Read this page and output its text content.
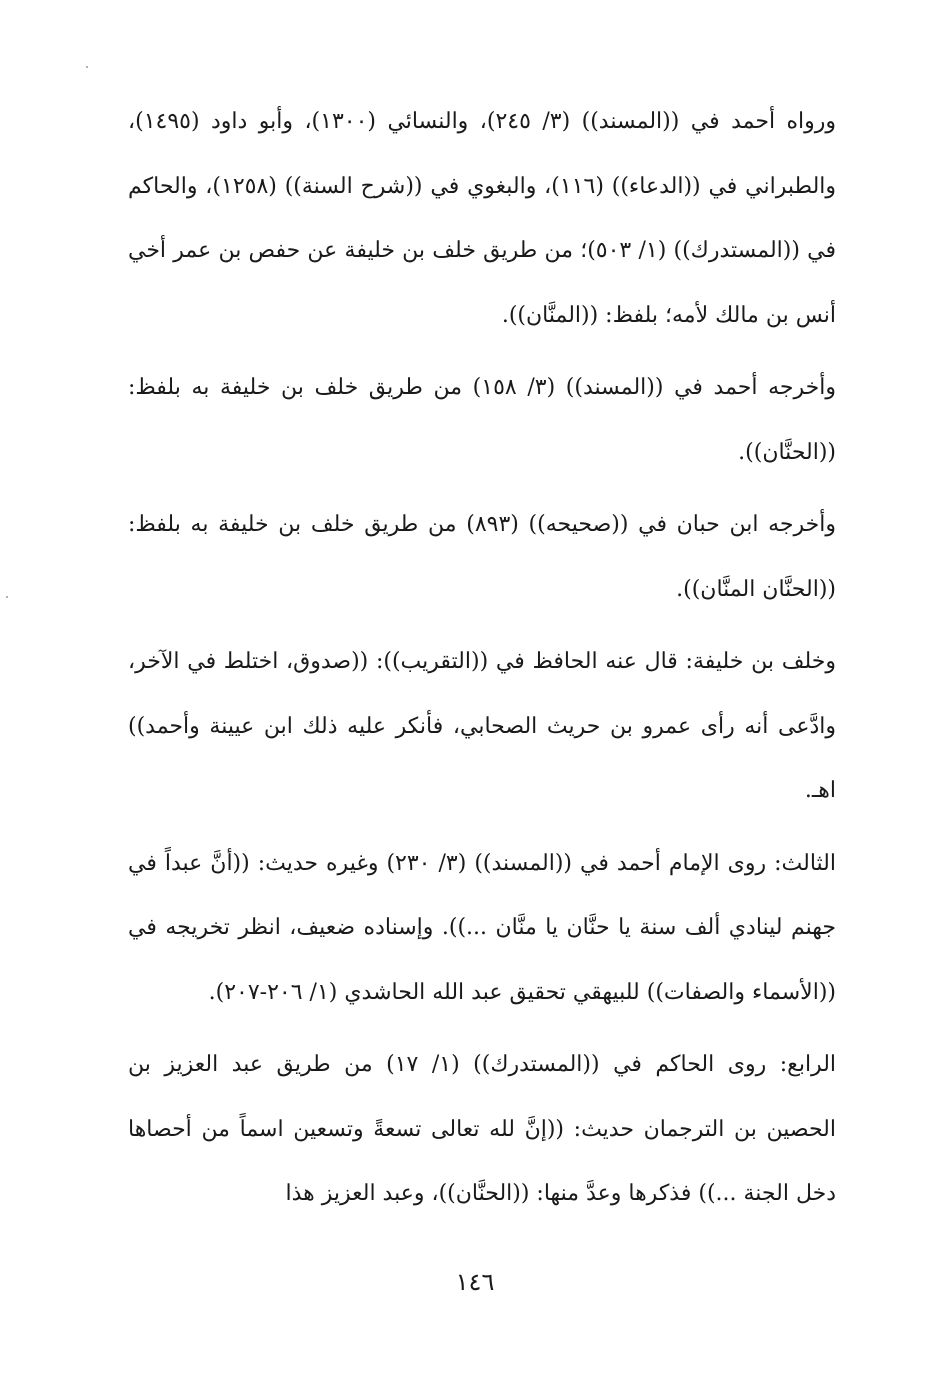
ورواه أحمد في ((المسند)) (٣/ ٢٤٥)، والنسائي (١٣٠٠)، وأبو داود (١٤٩٥)، والطبراني في ((الدعاء)) (١١٦)، والبغوي في ((شرح السنة)) (١٢٥٨)، والحاكم في ((المستدرك)) (١/ ٥٠٣)؛ من طريق خلف بن خليفة عن حفص بن عمر أخي أنس بن مالك لأمه؛ بلفظ: ((المنَّان)).

وأخرجه أحمد في ((المسند)) (٣/ ١٥٨) من طريق خلف بن خليفة به بلفظ: ((الحنَّان)).

وأخرجه ابن حبان في ((صحيحه)) (٨٩٣) من طريق خلف بن خليفة به بلفظ: ((الحنَّان المنَّان)).

وخلف بن خليفة: قال عنه الحافظ في ((التقريب)): ((صدوق، اختلط في الآخر، وادَّعى أنه رأى عمرو بن حريث الصحابي، فأنكر عليه ذلك ابن عيينة وأحمد)) اهـ.

الثالث: روى الإمام أحمد في ((المسند)) (٣/ ٢٣٠) وغيره حديث: ((أنَّ عبداً في جهنم لينادي ألف سنة يا حنَّان يا منَّان ...)). وإسناده ضعيف، انظر تخريجه في ((الأسماء والصفات)) للبيهقي تحقيق عبد الله الحاشدي (١/ ٢٠٦-٢٠٧).

الرابع: روى الحاكم في ((المستدرك)) (١/ ١٧) من طريق عبد العزيز بن الحصين بن الترجمان حديث: ((إنَّ لله تعالى تسعةً وتسعين اسماً من أحصاها دخل الجنة ...)) فذكرها وعدَّ منها: ((الحنَّان))، وعبد العزيز هذا

١٤٦
